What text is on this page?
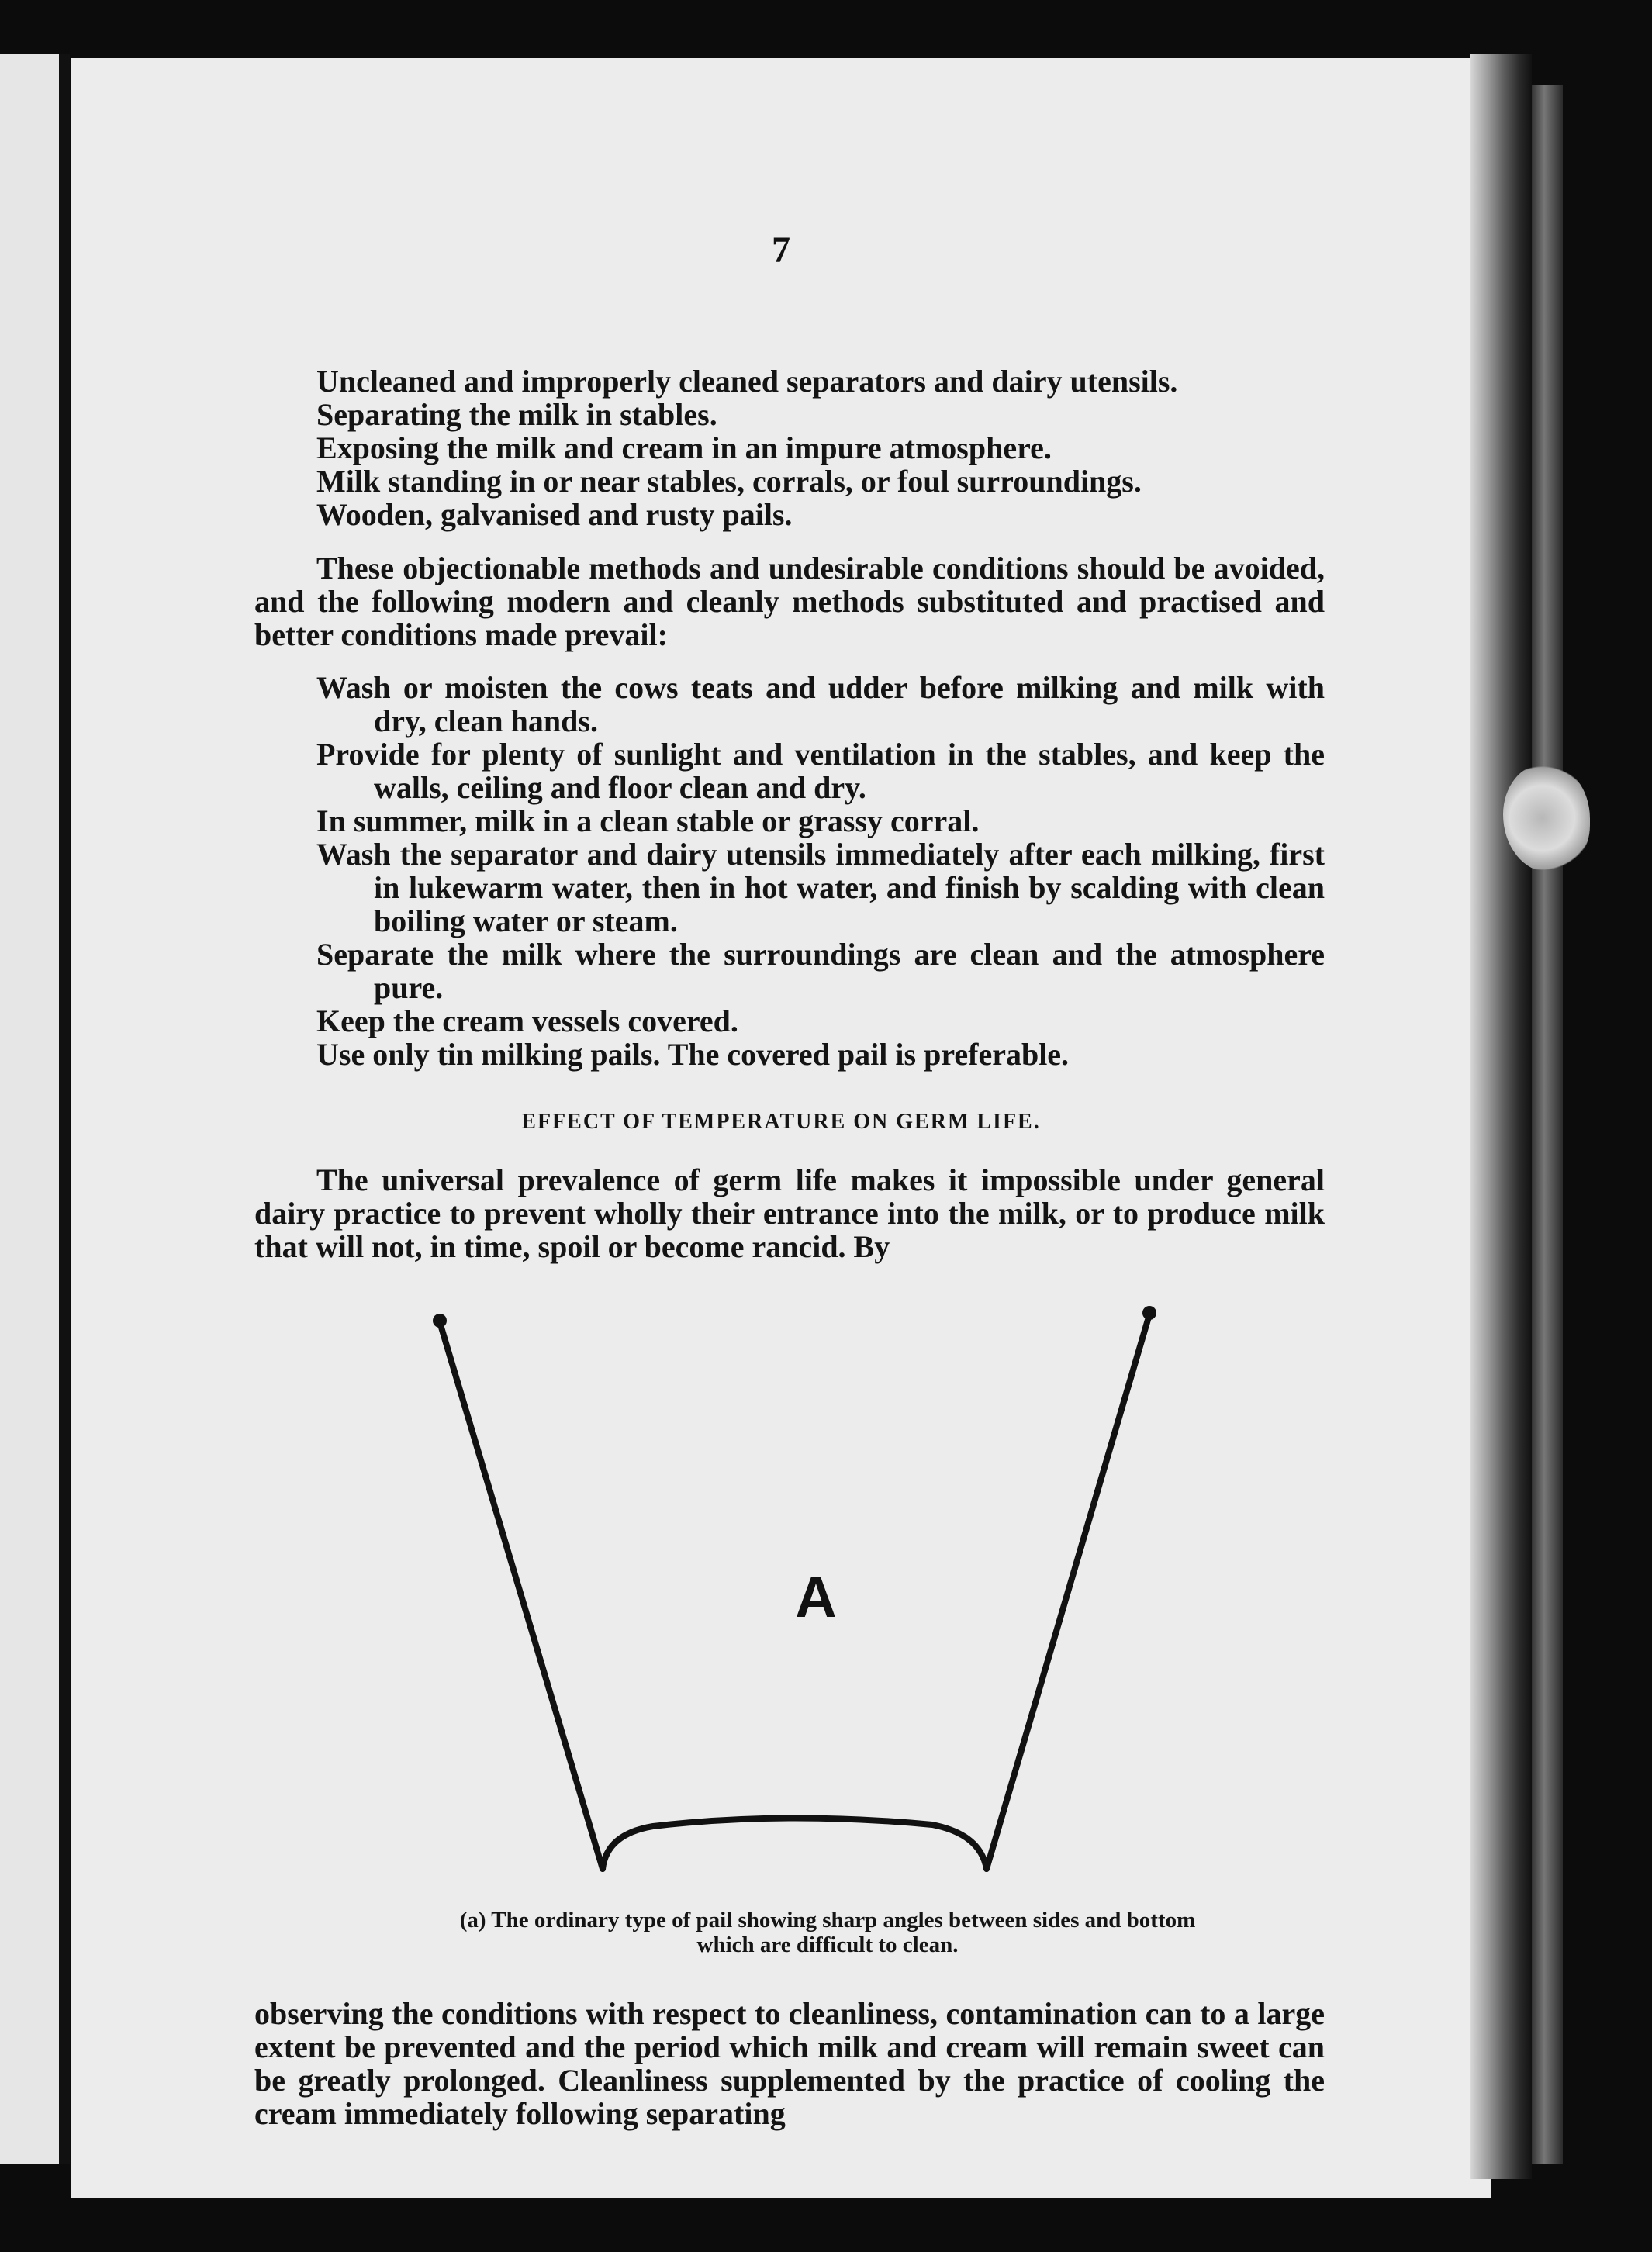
7
Uncleaned and improperly cleaned separators and dairy utensils.
Separating the milk in stables.
Exposing the milk and cream in an impure atmosphere.
Milk standing in or near stables, corrals, or foul surroundings.
Wooden, galvanised and rusty pails.

These objectionable methods and undesirable conditions should be avoided, and the following modern and cleanly methods substituted and practised and better conditions made prevail:

Wash or moisten the cows teats and udder before milking and milk with dry, clean hands.

Provide for plenty of sunlight and ventilation in the stables, and keep the walls, ceiling and floor clean and dry.

In summer, milk in a clean stable or grassy corral.

Wash the separator and dairy utensils immediately after each milking, first in lukewarm water, then in hot water, and finish by scalding with clean boiling water or steam.

Separate the milk where the surroundings are clean and the atmosphere pure.

Keep the cream vessels covered.

Use only tin milking pails. The covered pail is preferable.

EFFECT OF TEMPERATURE ON GERM LIFE.

The universal prevalence of germ life makes it impossible under general dairy practice to prevent wholly their entrance into the milk, or to produce milk that will not, in time, spoil or become rancid. By

A
(a) The ordinary type of pail showing sharp angles between sides and bottom
which are difficult to clean.

observing the conditions with respect to cleanliness, contamination can to a large extent be prevented and the period which milk and cream will remain sweet can be greatly prolonged. Cleanliness supplemented by the practice of cooling the cream immediately following separating
